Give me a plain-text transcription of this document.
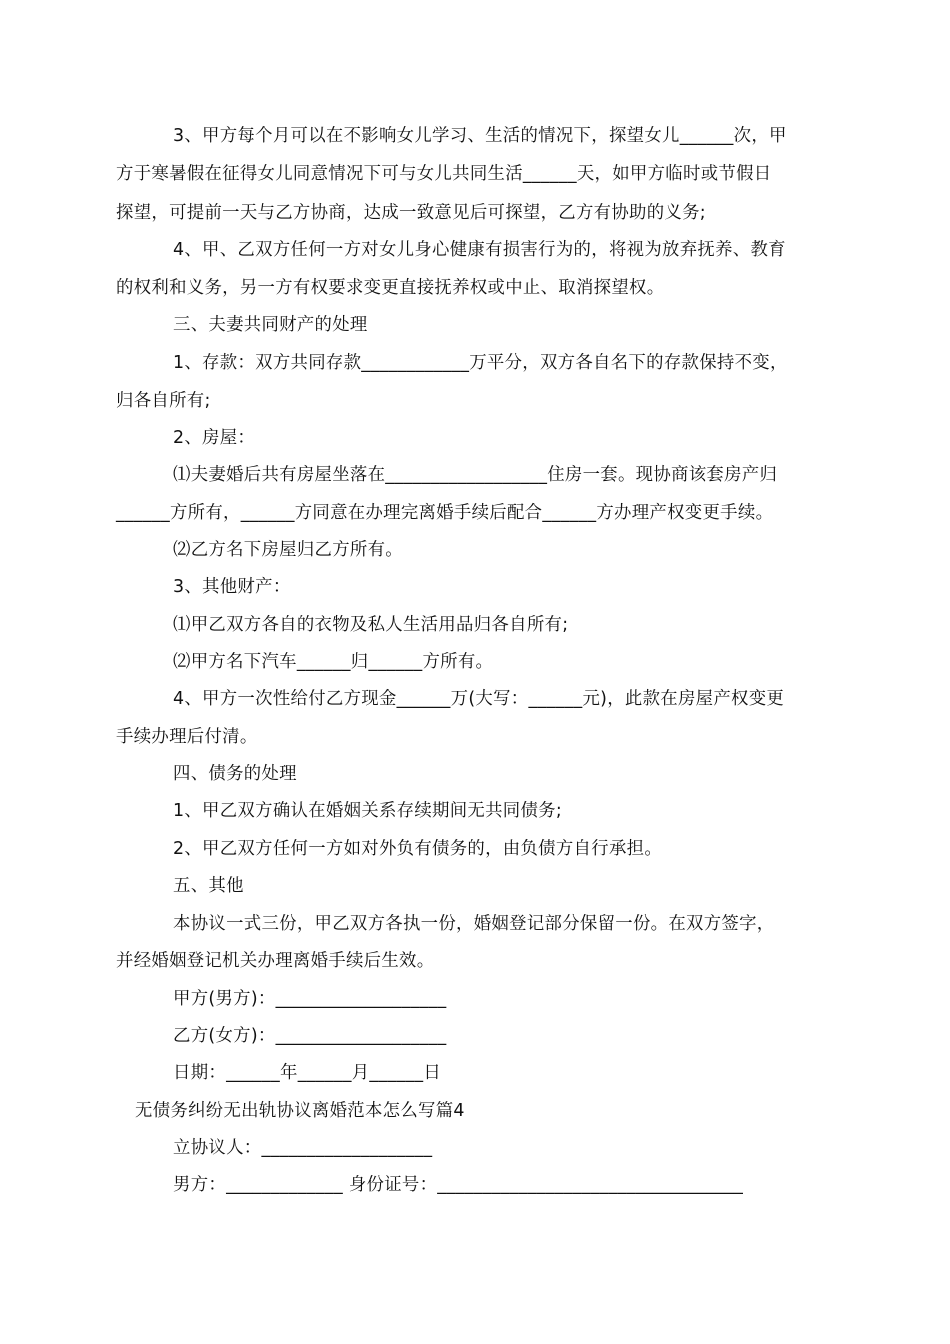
3、甲方每个月可以在不影响女儿学习、生活的情况下，探望女儿______次，甲

方于寒暑假在征得女儿同意情况下可与女儿共同生活______天，如甲方临时或节假日

探望，可提前一天与乙方协商，达成一致意见后可探望，乙方有协助的义务;

4、甲、乙双方任何一方对女儿身心健康有损害行为的，将视为放弃抚养、教育

的权利和义务，另一方有权要求变更直接抚养权或中止、取消探望权。

三、夫妻共同财产的处理

1、存款：双方共同存款____________万平分，双方各自名下的存款保持不变，

归各自所有;

2、房屋：

⑴夫妻婚后共有房屋坐落在__________________住房一套。现协商该套房产归

______方所有，______方同意在办理完离婚手续后配合______方办理产权变更手续。

⑵乙方名下房屋归乙方所有。

3、其他财产：

⑴甲乙双方各自的衣物及私人生活用品归各自所有;

⑵甲方名下汽车______归______方所有。

4、甲方一次性给付乙方现金______万(大写：______元)，此款在房屋产权变更

手续办理后付清。

四、债务的处理

1、甲乙双方确认在婚姻关系存续期间无共同债务;

2、甲乙双方任何一方如对外负有债务的，由负债方自行承担。

五、其他

本协议一式三份，甲乙双方各执一份，婚姻登记部分保留一份。在双方签字，

并经婚姻登记机关办理离婚手续后生效。

甲方(男方)：___________________

乙方(女方)：___________________

日期：______年______月______日

无债务纠纷无出轨协议离婚范本怎么写篇4

立协议人：___________________

男方：_____________ 身份证号：__________________________________
